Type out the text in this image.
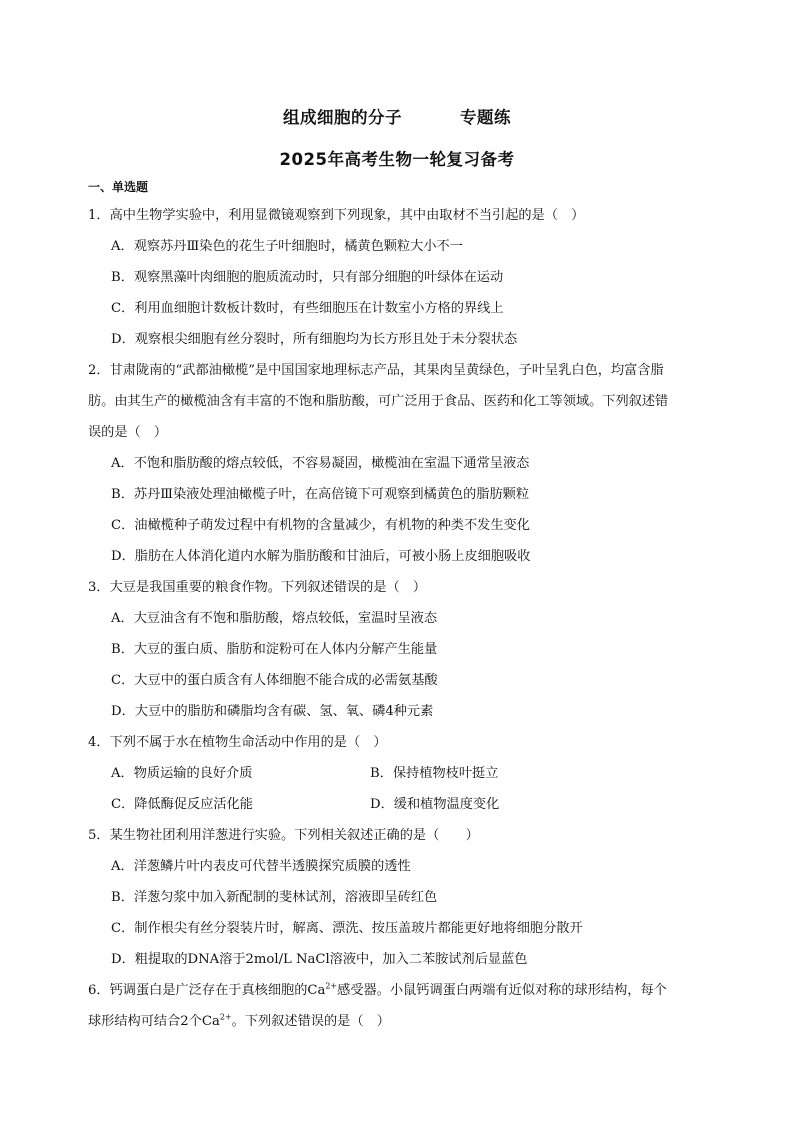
组成细胞的分子	专题练
2025年高考生物一轮复习备考
一、单选题
1．高中生物学实验中，利用显微镜观察到下列现象，其中由取材不当引起的是（　）
A．观察苏丹Ⅲ染色的花生子叶细胞时，橘黄色颗粒大小不一
B．观察黑藻叶肉细胞的胞质流动时，只有部分细胞的叶绿体在运动
C．利用血细胞计数板计数时，有些细胞压在计数室小方格的界线上
D．观察根尖细胞有丝分裂时，所有细胞均为长方形且处于未分裂状态
2．甘肃陇南的“武都油橄榄”是中国国家地理标志产品，其果肉呈黄绿色，子叶呈乳白色，均富含脂
肪。由其生产的橄榄油含有丰富的不饱和脂肪酸，可广泛用于食品、医药和化工等领域。下列叙述错
误的是（　）
A．不饱和脂肪酸的熔点较低，不容易凝固，橄榄油在室温下通常呈液态
B．苏丹Ⅲ染液处理油橄榄子叶，在高倍镜下可观察到橘黄色的脂肪颗粒
C．油橄榄种子萌发过程中有机物的含量减少，有机物的种类不发生变化
D．脂肪在人体消化道内水解为脂肪酸和甘油后，可被小肠上皮细胞吸收
3．大豆是我国重要的粮食作物。下列叙述错误的是（　）
A．大豆油含有不饱和脂肪酸，熔点较低，室温时呈液态
B．大豆的蛋白质、脂肪和淀粉可在人体内分解产生能量
C．大豆中的蛋白质含有人体细胞不能合成的必需氨基酸
D．大豆中的脂肪和磷脂均含有碳、氢、氧、磷4种元素
4．下列不属于水在植物生命活动中作用的是（　）
A．物质运输的良好介质	B．保持植物枝叶挺立
C．降低酶促反应活化能	D．缓和植物温度变化
5．某生物社团利用洋葱进行实验。下列相关叙述正确的是（　　）
A．洋葱鳞片叶内表皮可代替半透膜探究质膜的透性
B．洋葱匀浆中加入新配制的斐林试剂，溶液即呈砖红色
C．制作根尖有丝分裂装片时，解离、漂洗、按压盖玻片都能更好地将细胞分散开
D．粗提取的DNA溶于2mol/L NaCl溶液中，加入二苯胺试剂后显蓝色
6．钙调蛋白是广泛存在于真核细胞的$Ca^{2+}$感受器。小鼠钙调蛋白两端有近似对称的球形结构，每个
球形结构可结合2个$Ca^{2+}$。下列叙述错误的是（　）
